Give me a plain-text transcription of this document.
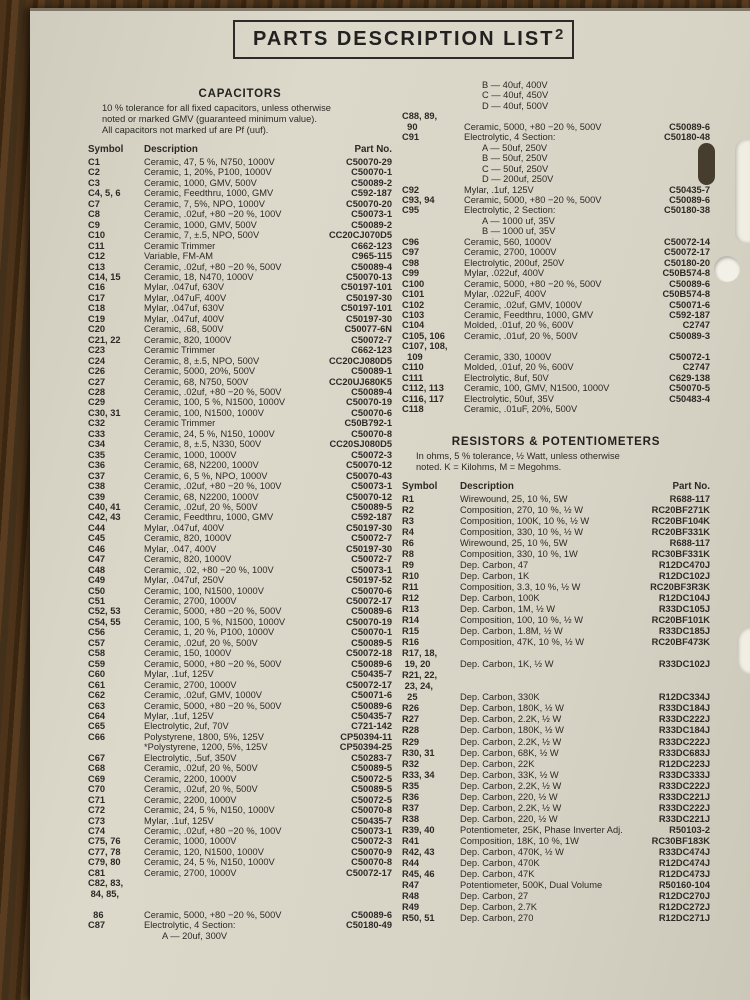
PARTS DESCRIPTION LIST 2
CAPACITORS
10 % tolerance for all fixed capacitors, unless otherwise
noted or marked GMV (guaranteed minimum value).
All capacitors not marked uf are Pf (uuf).
Symbol	Description	Part No.
C1	Ceramic, 47, 5 %, N750, 1000V	C50070-29
C2	Ceramic, 1, 20%, P100, 1000V	C50070-1
C3	Ceramic, 1000, GMV, 500V	C50089-2
C4, 5, 6	Ceramic, Feedthru, 1000, GMV	C592-187
C7	Ceramic, 7, 5%, NPO, 1000V	C50070-20
C8	Ceramic, .02uf, +80 −20 %, 100V	C50073-1
C9	Ceramic, 1000, GMV, 500V	C50089-2
C10	Ceramic, 7, ±.5, NPO, 500V	CC20CJ070D5
C11	Ceramic Trimmer	C662-123
C12	Variable, FM-AM	C965-115
C13	Ceramic, .02uf, +80 −20 %, 500V	C50089-4
C14, 15	Ceramic, 18, N470, 1000V	C50070-13
C16	Mylar, .047uf, 630V	C50197-101
C17	Mylar, .047uF, 400V	C50197-30
C18	Mylar, .047uf, 630V	C50197-101
C19	Mylar, .047uf, 400V	C50197-30
C20	Ceramic, .68, 500V	C50077-6N
C21, 22	Ceramic, 820, 1000V	C50072-7
C23	Ceramic Trimmer	C662-123
C24	Ceramic, 8, ±.5, NPO, 500V	CC20CJ080D5
C26	Ceramic, 5000, 20%, 500V	C50089-1
C27	Ceramic, 68, N750, 500V	CC20UJ680K5
C28	Ceramic, .02uf, +80 −20 %, 500V	C50089-4
C29	Ceramic, 100, 5 %, N1500, 1000V	C50070-19
C30, 31	Ceramic, 100, N1500, 1000V	C50070-6
C32	Ceramic Trimmer	C50B792-1
C33	Ceramic, 24, 5 %, N150, 1000V	C50070-8
C34	Ceramic, 8, ±.5, N330, 500V	CC20SJ080D5
C35	Ceramic, 1000, 1000V	C50072-3
C36	Ceramic, 68, N2200, 1000V	C50070-12
C37	Ceramic, 6, 5 %, NPO, 1000V	C50070-43
C38	Ceramic, .02uf, +80 −20 %, 100V	C50073-1
C39	Ceramic, 68, N2200, 1000V	C50070-12
C40, 41	Ceramic, .02uf, 20 %, 500V	C50089-5
C42, 43	Ceramic, Feedthru, 1000, GMV	C592-187
C44	Mylar, .047uf, 400V	C50197-30
C45	Ceramic, 820, 1000V	C50072-7
C46	Mylar, .047, 400V	C50197-30
C47	Ceramic, 820, 1000V	C50072-7
C48	Ceramic, .02, +80 −20 %, 100V	C50073-1
C49	Mylar, .047uf, 250V	C50197-52
C50	Ceramic, 100, N1500, 1000V	C50070-6
C51	Ceramic, 2700, 1000V	C50072-17
C52, 53	Ceramic, 5000, +80 −20 %, 500V	C50089-6
C54, 55	Ceramic, 100, 5 %, N1500, 1000V	C50070-19
C56	Ceramic, 1, 20 %, P100, 1000V	C50070-1
C57	Ceramic, .02uf, 20 %, 500V	C50089-5
C58	Ceramic, 150, 1000V	C50072-18
C59	Ceramic, 5000, +80 −20 %, 500V	C50089-6
C60	Mylar, .1uf, 125V	C50435-7
C61	Ceramic, 2700, 1000V	C50072-17
C62	Ceramic, .02uf, GMV, 1000V	C50071-6
C63	Ceramic, 5000, +80 −20 %, 500V	C50089-6
C64	Mylar, .1uf, 125V	C50435-7
C65	Electrolytic, 2uf, 70V	C721-142
C66	Polystyrene, 1800, 5%, 125V	CP50394-11
*Polystyrene, 1200, 5%, 125V	CP50394-25
C67	Electrolytic, .5uf, 350V	C50283-7
C68	Ceramic, .02uf, 20 %, 500V	C50089-5
C69	Ceramic, 2200, 1000V	C50072-5
C70	Ceramic, .02uf, 20 %, 500V	C50089-5
C71	Ceramic, 2200, 1000V	C50072-5
C72	Ceramic, 24, 5 %, N150, 1000V	C50070-8
C73	Mylar, .1uf, 125V	C50435-7
C74	Ceramic, .02uf, +80 −20 %, 100V	C50073-1
C75, 76	Ceramic, 1000, 1000V	C50072-3
C77, 78	Ceramic, 120, N1500, 1000V	C50070-9
C79, 80	Ceramic, 24, 5 %, N150, 1000V	C50070-8
C81	Ceramic, 2700, 1000V	C50072-17
C82, 83,
84, 85,
86	Ceramic, 5000, +80 −20 %, 500V	C50089-6
C87	Electrolytic, 4 Section:	C50180-49
A — 20uf, 300V
B — 40uf, 400V
C — 40uf, 450V
D — 40uf, 500V
C88, 89,
90	Ceramic, 5000, +80 −20 %, 500V	C50089-6
C91	Electrolytic, 4 Section:	C50180-48
A — 50uf, 250V
B — 50uf, 250V
C — 50uf, 250V
D — 200uf, 250V
C92	Mylar, .1uf, 125V	C50435-7
C93, 94	Ceramic, 5000, +80 −20 %, 500V	C50089-6
C95	Electrolytic, 2 Section:	C50180-38
A — 1000 uf, 35V
B — 1000 uf, 35V
C96	Ceramic, 560, 1000V	C50072-14
C97	Ceramic, 2700, 1000V	C50072-17
C98	Electrolytic, 200uf, 250V	C50180-20
C99	Mylar, .022uf, 400V	C50B574-8
C100	Ceramic, 5000, +80 −20 %, 500V	C50089-6
C101	Mylar, .022uF, 400V	C50B574-8
C102	Ceramic, .02uf, GMV, 1000V	C50071-6
C103	Ceramic, Feedthru, 1000, GMV	C592-187
C104	Molded, .01uf, 20 %, 600V	C2747
C105, 106	Ceramic, .01uf, 20 %, 500V	C50089-3
C107, 108,
109	Ceramic, 330, 1000V	C50072-1
C110	Molded, .01uf, 20 %, 600V	C2747
C111	Electrolytic, 8uf, 50V	C629-138
C112, 113	Ceramic, 100, GMV, N1500, 1000V	C50070-5
C116, 117	Electrolytic, 50uf, 35V	C50483-4
C118	Ceramic, .01uF, 20%, 500V
RESISTORS & POTENTIOMETERS
In ohms, 5 % tolerance, ½ Watt, unless otherwise
noted. K = Kilohms, M = Megohms.
Symbol	Description	Part No.
R1	Wirewound, 25, 10 %, 5W	R688-117
R2	Composition, 270, 10 %, ½ W	RC20BF271K
R3	Composition, 100K, 10 %, ½ W	RC20BF104K
R4	Composition, 330, 10 %, ½ W	RC20BF331K
R6	Wirewound, 25, 10 %, 5W	R688-117
R8	Composition, 330, 10 %, 1W	RC30BF331K
R9	Dep. Carbon, 47	R12DC470J
R10	Dep. Carbon, 1K	R12DC102J
R11	Composition, 3.3, 10 %, ½ W	RC20BF3R3K
R12	Dep. Carbon, 100K	R12DC104J
R13	Dep. Carbon, 1M, ½ W	R33DC105J
R14	Composition, 100, 10 %, ½ W	RC20BF101K
R15	Dep. Carbon, 1.8M, ½ W	R33DC185J
R16	Composition, 47K, 10 %, ½ W	RC20BF473K
R17, 18,
19, 20	Dep. Carbon, 1K, ½ W	R33DC102J
R21, 22,
23, 24,
25	Dep. Carbon, 330K	R12DC334J
R26	Dep. Carbon, 180K, ½ W	R33DC184J
R27	Dep. Carbon, 2.2K, ½ W	R33DC222J
R28	Dep. Carbon, 180K, ½ W	R33DC184J
R29	Dep. Carbon, 2.2K, ½ W	R33DC222J
R30, 31	Dep. Carbon, 68K, ½ W	R33DC683J
R32	Dep. Carbon, 22K	R12DC223J
R33, 34	Dep. Carbon, 33K, ½ W	R33DC333J
R35	Dep. Carbon, 2.2K, ½ W	R33DC222J
R36	Dep. Carbon, 220, ½ W	R33DC221J
R37	Dep. Carbon, 2.2K, ½ W	R33DC222J
R38	Dep. Carbon, 220, ½ W	R33DC221J
R39, 40	Potentiometer, 25K, Phase Inverter Adj.	R50103-2
R41	Composition, 18K, 10 %, 1W	RC30BF183K
R42, 43	Dep. Carbon, 470K, ½ W	R33DC474J
R44	Dep. Carbon, 470K	R12DC474J
R45, 46	Dep. Carbon, 47K	R12DC473J
R47	Potentiometer, 500K, Dual Volume	R50160-104
R48	Dep. Carbon, 27	R12DC270J
R49	Dep. Carbon, 2.7K	R12DC272J
R50, 51	Dep. Carbon, 270	R12DC271J
